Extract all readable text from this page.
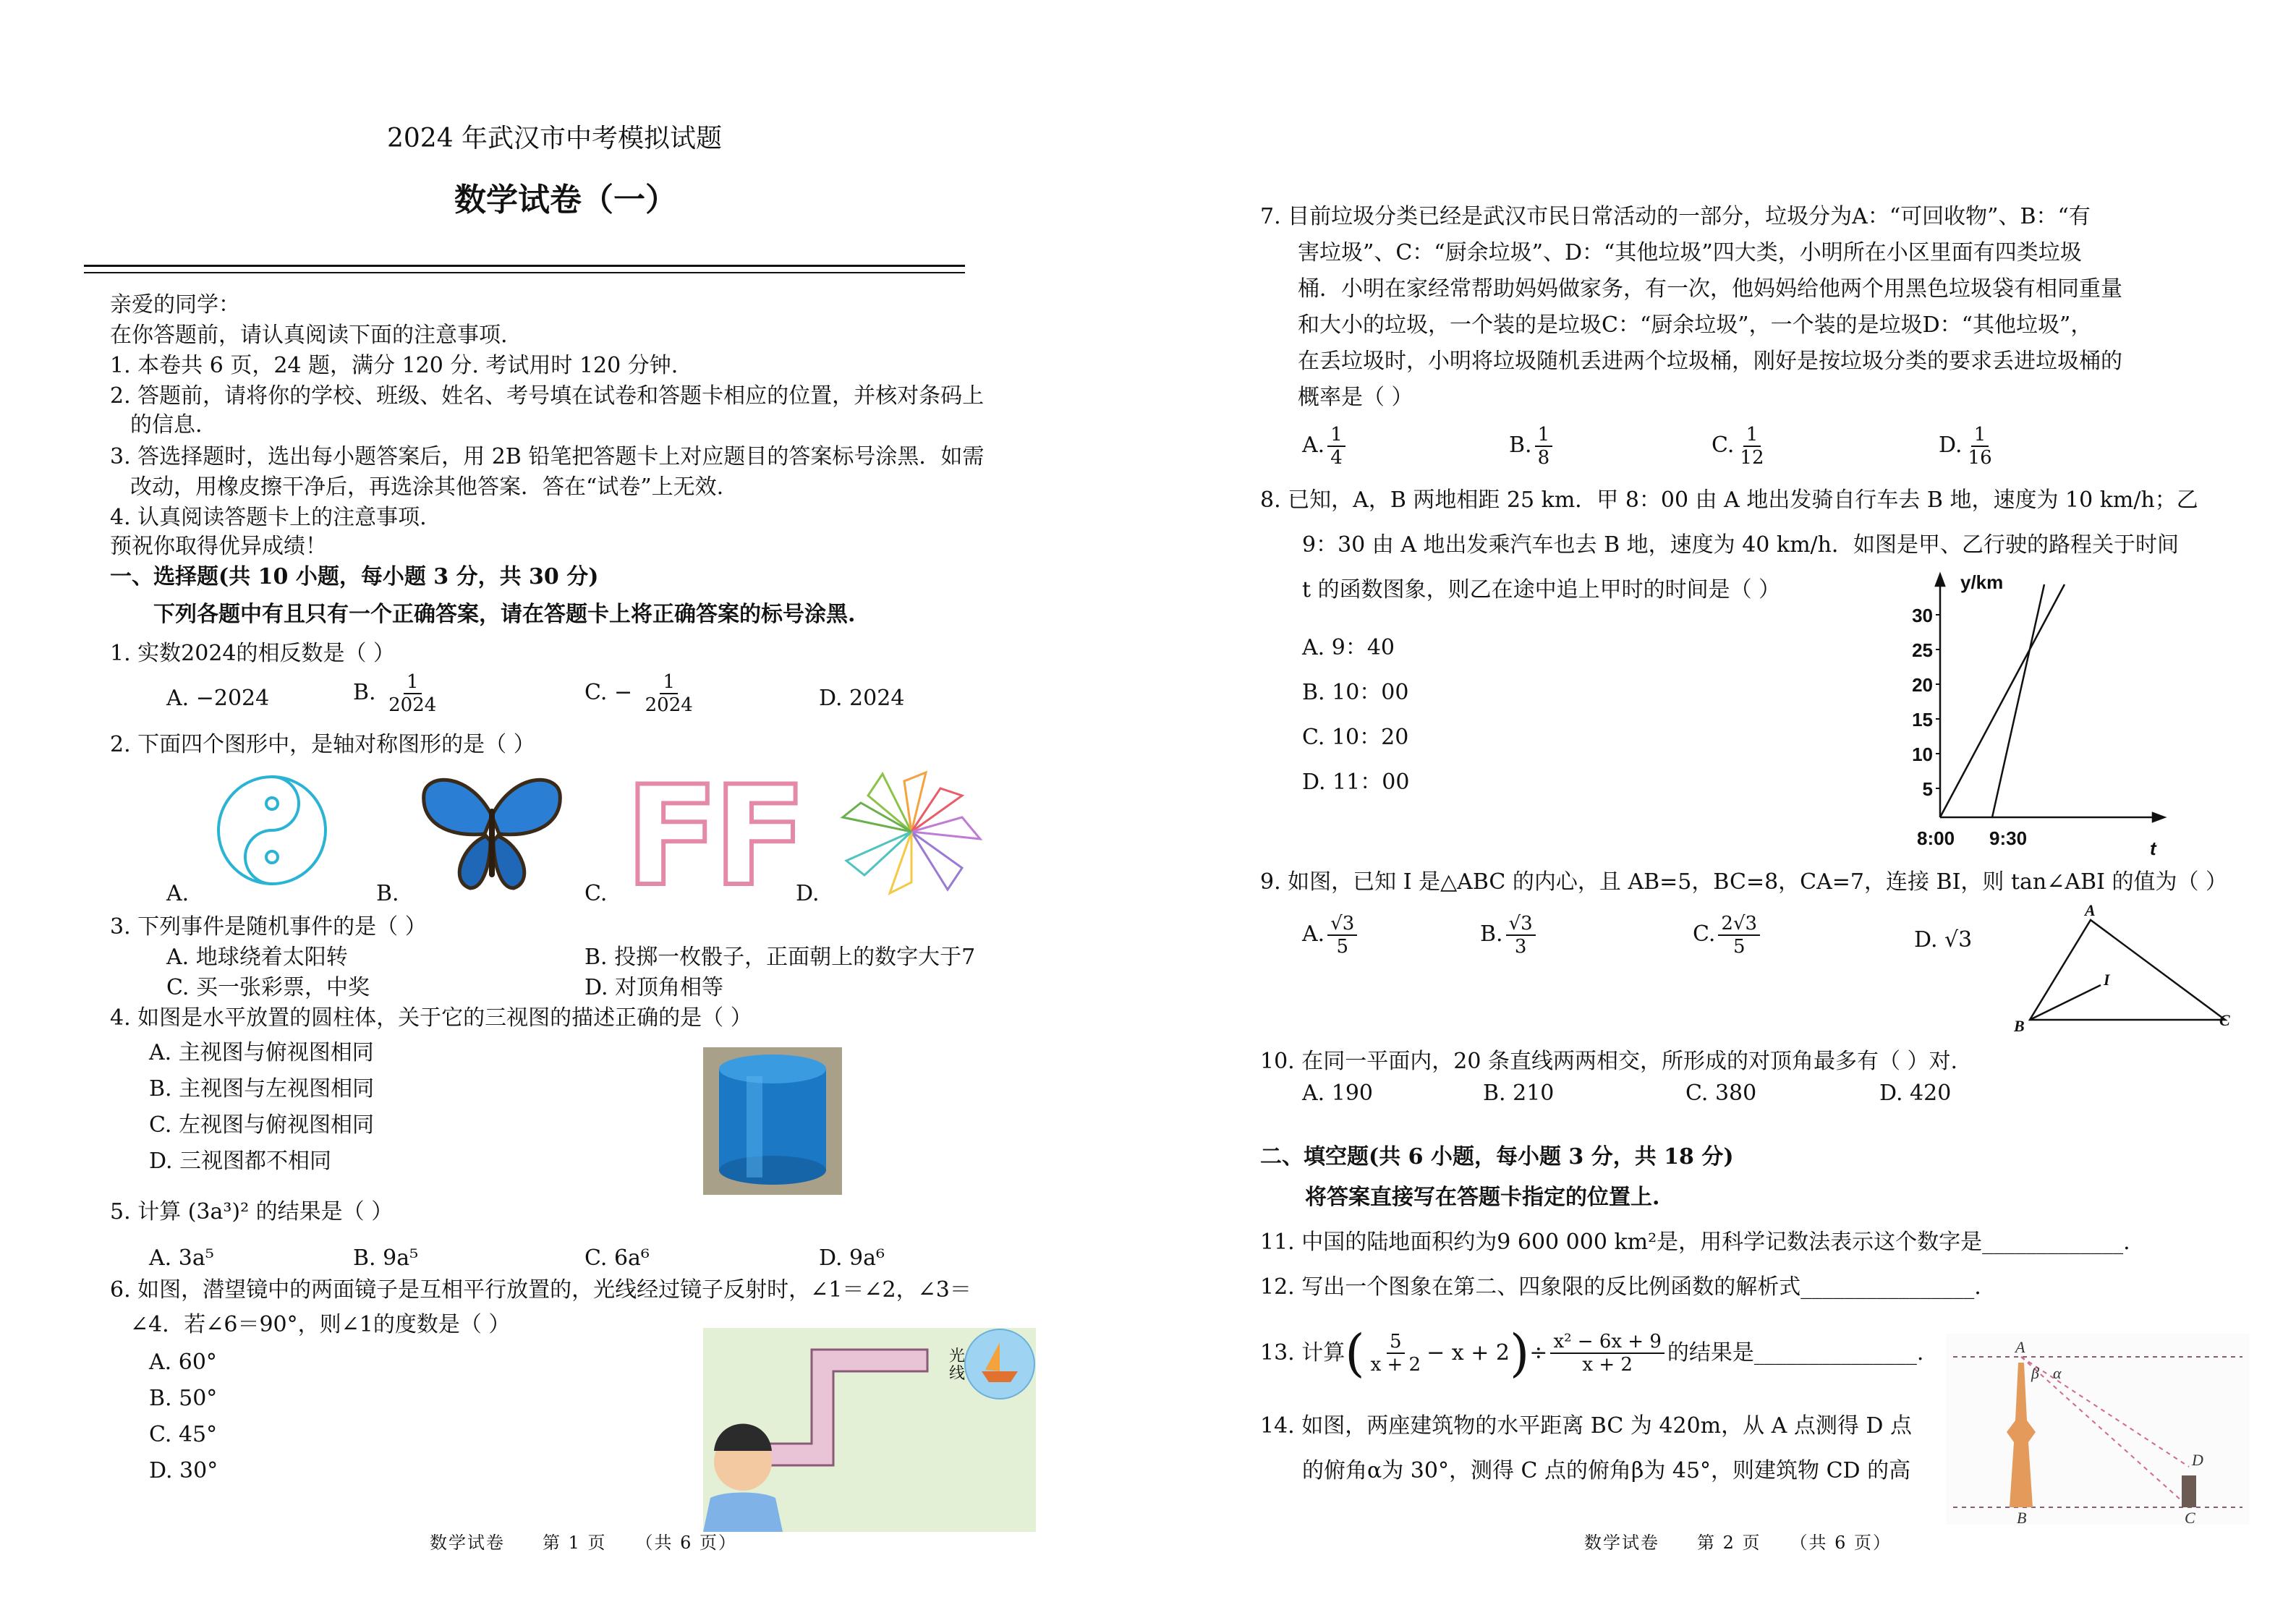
2024 年武汉市中考模拟试题
数学试卷（一）
亲爱的同学：
在你答题前，请认真阅读下面的注意事项.
1. 本卷共 6 页，24 题，满分 120 分. 考试用时 120 分钟.
2. 答题前，请将你的学校、班级、姓名、考号填在试卷和答题卡相应的位置，并核对条码上
的信息.
3. 答选择题时，选出每小题答案后，用 2B 铅笔把答题卡上对应题目的答案标号涂黑．如需
改动，用橡皮擦干净后，再选涂其他答案．答在“试卷”上无效.
4. 认真阅读答题卡上的注意事项.
预祝你取得优异成绩！
一、选择题(共 10 小题，每小题 3 分，共 30 分)
下列各题中有且只有一个正确答案，请在答题卡上将正确答案的标号涂黑.
1. 实数2024的相反数是（ ）
A. −2024	B. $\frac{1}{2024}$	C. − $\frac{1}{2024}$	D. 2024
2. 下面四个图形中，是轴对称图形的是（ ）
FF
A.	B.	C.	D.
3. 下列事件是随机事件的是（ ）
A. 地球绕着太阳转	B. 投掷一枚骰子，正面朝上的数字大于7
C. 买一张彩票，中奖	D. 对顶角相等
4. 如图是水平放置的圆柱体，关于它的三视图的描述正确的是（ ）
A. 主视图与俯视图相同
B. 主视图与左视图相同
C. 左视图与俯视图相同
D. 三视图都不相同
5. 计算 (3a³)² 的结果是（ ）
A. 3a⁵	B. 9a⁵	C. 6a⁶	D. 9a⁶
6. 如图，潜望镜中的两面镜子是互相平行放置的，光线经过镜子反射时，∠1＝∠2，∠3＝
∠4．若∠6＝90°，则∠1的度数是（ ）
A. 60°
B. 50°
C. 45°
D. 30°
光线
数学试卷　　第 1 页　　（共 6 页）
7. 目前垃圾分类已经是武汉市民日常活动的一部分，垃圾分为A：“可回收物”、B：“有
害垃圾”、C：“厨余垃圾”、D：“其他垃圾”四大类，小明所在小区里面有四类垃圾
桶．小明在家经常帮助妈妈做家务，有一次，他妈妈给他两个用黑色垃圾袋有相同重量
和大小的垃圾，一个装的是垃圾C：“厨余垃圾”，一个装的是垃圾D：“其他垃圾”，
在丢垃圾时，小明将垃圾随机丢进两个垃圾桶，刚好是按垃圾分类的要求丢进垃圾桶的
概率是（ ）
A. $\frac{1}{4}$	B. $\frac{1}{8}$	C. $\frac{1}{12}$	D. $\frac{1}{16}$
8. 已知，A，B 两地相距 25 km．甲 8：00 由 A 地出发骑自行车去 B 地，速度为 10 km/h；乙
9：30 由 A 地出发乘汽车也去 B 地，速度为 40 km/h．如图是甲、乙行驶的路程关于时间
t 的函数图象，则乙在途中追上甲时的时间是（ ）
A. 9：40
B. 10：00
C. 10：20
D. 11：00
y/km
t
30
25
20
15
10
5
8:00 9:30
9. 如图，已知 I 是△ABC 的内心，且 AB=5，BC=8，CA=7，连接 BI，则 tan∠ABI 的值为（ ）
A. $\frac{√3}{5}$	B. $\frac{√3}{3}$	C. $\frac{2√3}{5}$	D. √3
A
B	C
I
10. 在同一平面内，20 条直线两两相交，所形成的对顶角最多有（ ）对.
A. 190	B. 210	C. 380	D. 420
二、填空题(共 6 小题，每小题 3 分，共 18 分)
将答案直接写在答题卡指定的位置上.
11. 中国的陆地面积约为9 600 000 km²是，用科学记数法表示这个数字是_____________.
12. 写出一个图象在第二、四象限的反比例函数的解析式________________.
13. 计算 ( $\frac{5}{x + 2} - x + 2$ ) ÷ $\frac{\text{x² − 6x + 9}}{x + 2}$ 的结果是_______________.
14. 如图，两座建筑物的水平距离 BC 为 420m，从 A 点测得 D 点
的俯角α为 30°，测得 C 点的俯角β为 45°，则建筑物 CD 的高
A
B	C
D
β α
数学试卷　　第 2 页　　（共 6 页）
